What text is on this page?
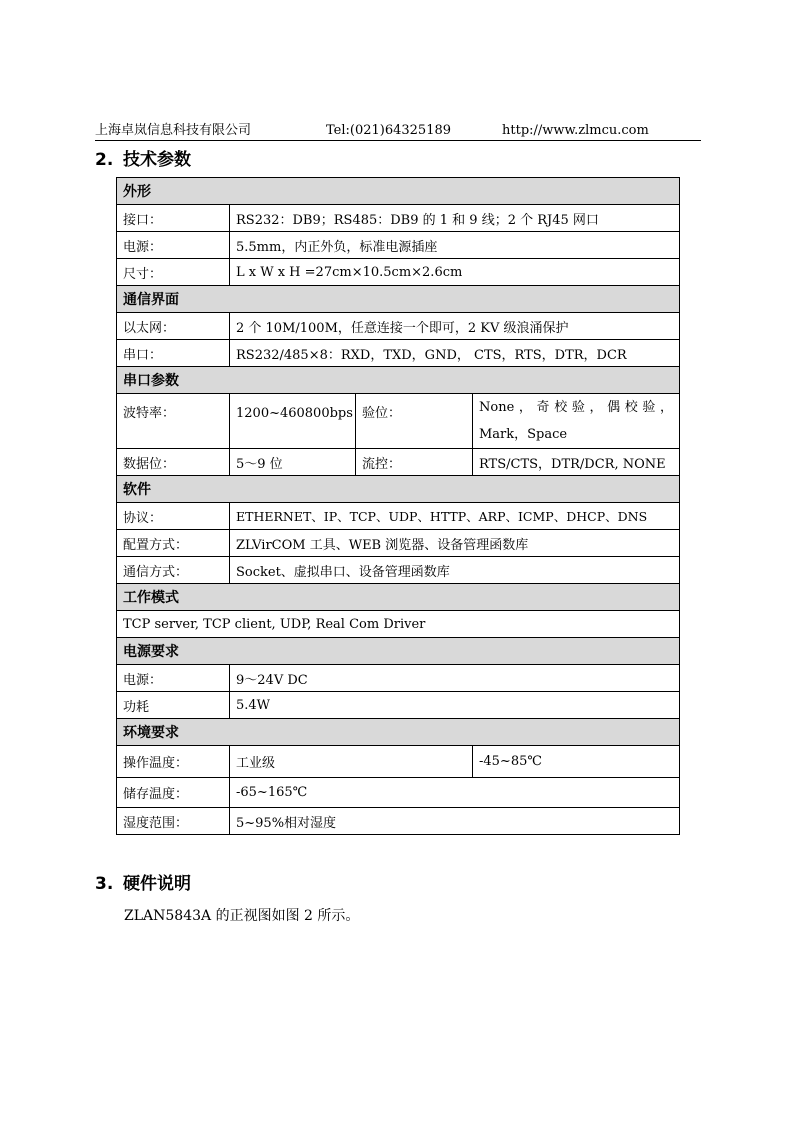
上海卓岚信息科技有限公司	Tel:(021)64325189	http://www.zlmcu.com
2. 技术参数
外形			
接口：	RS232：DB9；RS485：DB9 的 1 和 9 线；2 个 RJ45 网口		
电源：	5.5mm，内正外负，标准电源插座		
尺寸：	L x W x H =27cm×10.5cm×2.6cm		
通信界面			
以太网：	2 个 10M/100M，任意连接一个即可，2 KV 级浪涌保护		
串口：	RS232/485×8：RXD，TXD，GND， CTS，RTS，DTR，DCR		
串口参数			
波特率：	1200~460800bps	验位：	None，奇校验，偶校验，Mark，Space
数据位：	5～9 位	流控：	RTS/CTS，DTR/DCR, NONE
软件			
协议：	ETHERNET、IP、TCP、UDP、HTTP、ARP、ICMP、DHCP、DNS		
配置方式：	ZLVirCOM 工具、WEB 浏览器、设备管理函数库		
通信方式：	Socket、虚拟串口、设备管理函数库		
工作模式			
TCP server, TCP client, UDP, Real Com Driver			
电源要求			
电源：	9～24V DC		
功耗	5.4W		
环境要求			
操作温度：	工业级		-45~85℃
储存温度：	-65~165℃		
湿度范围：	5~95%相对湿度		
3. 硬件说明
ZLAN5843A 的正视图如图 2 所示。
